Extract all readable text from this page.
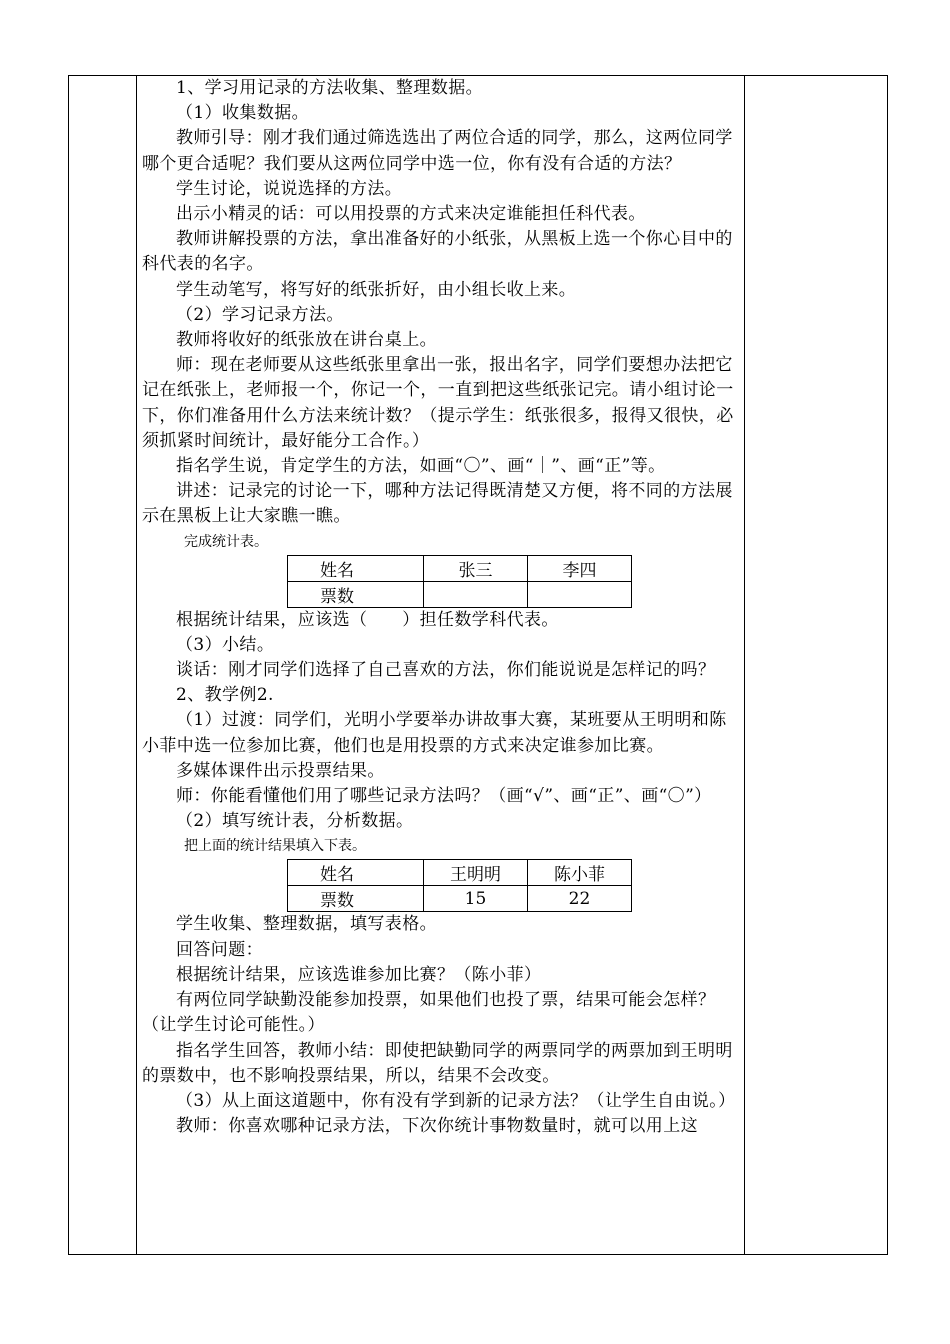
1、学习用记录的方法收集、整理数据。

（1）收集数据。

教师引导：刚才我们通过筛选选出了两位合适的同学，那么，这两位同学哪个更合适呢？我们要从这两位同学中选一位，你有没有合适的方法？

学生讨论，说说选择的方法。

出示小精灵的话：可以用投票的方式来决定谁能担任科代表。

教师讲解投票的方法，拿出准备好的小纸张，从黑板上选一个你心目中的科代表的名字。

学生动笔写，将写好的纸张折好，由小组长收上来。

（2）学习记录方法。

教师将收好的纸张放在讲台桌上。

师：现在老师要从这些纸张里拿出一张，报出名字，同学们要想办法把它记在纸张上，老师报一个，你记一个，一直到把这些纸张记完。请小组讨论一下，你们准备用什么方法来统计数？（提示学生：纸张很多，报得又很快，必须抓紧时间统计，最好能分工合作。）

指名学生说，肯定学生的方法，如画“〇”、画“｜”、画“正”等。

讲述：记录完的讨论一下，哪种方法记得既清楚又方便，将不同的方法展示在黑板上让大家瞧一瞧。

完成统计表。

姓名	张三	李四
票数		

根据统计结果，应该选（　　）担任数学科代表。

（3）小结。

谈话：刚才同学们选择了自己喜欢的方法，你们能说说是怎样记的吗？

2、教学例2.

（1）过渡：同学们，光明小学要举办讲故事大赛，某班要从王明明和陈小菲中选一位参加比赛，他们也是用投票的方式来决定谁参加比赛。

多媒体课件出示投票结果。

师：你能看懂他们用了哪些记录方法吗？（画“√”、画“正”、画“〇”）

（2）填写统计表，分析数据。

把上面的统计结果填入下表。

姓名	王明明	陈小菲
票数	15	22

学生收集、整理数据，填写表格。

回答问题：

根据统计结果，应该选谁参加比赛？（陈小菲）

有两位同学缺勤没能参加投票，如果他们也投了票，结果可能会怎样？（让学生讨论可能性。）

指名学生回答，教师小结：即使把缺勤同学的两票同学的两票加到王明明的票数中，也不影响投票结果，所以，结果不会改变。

（3）从上面这道题中，你有没有学到新的记录方法？（让学生自由说。）

教师：你喜欢哪种记录方法，下次你统计事物数量时，就可以用上这
